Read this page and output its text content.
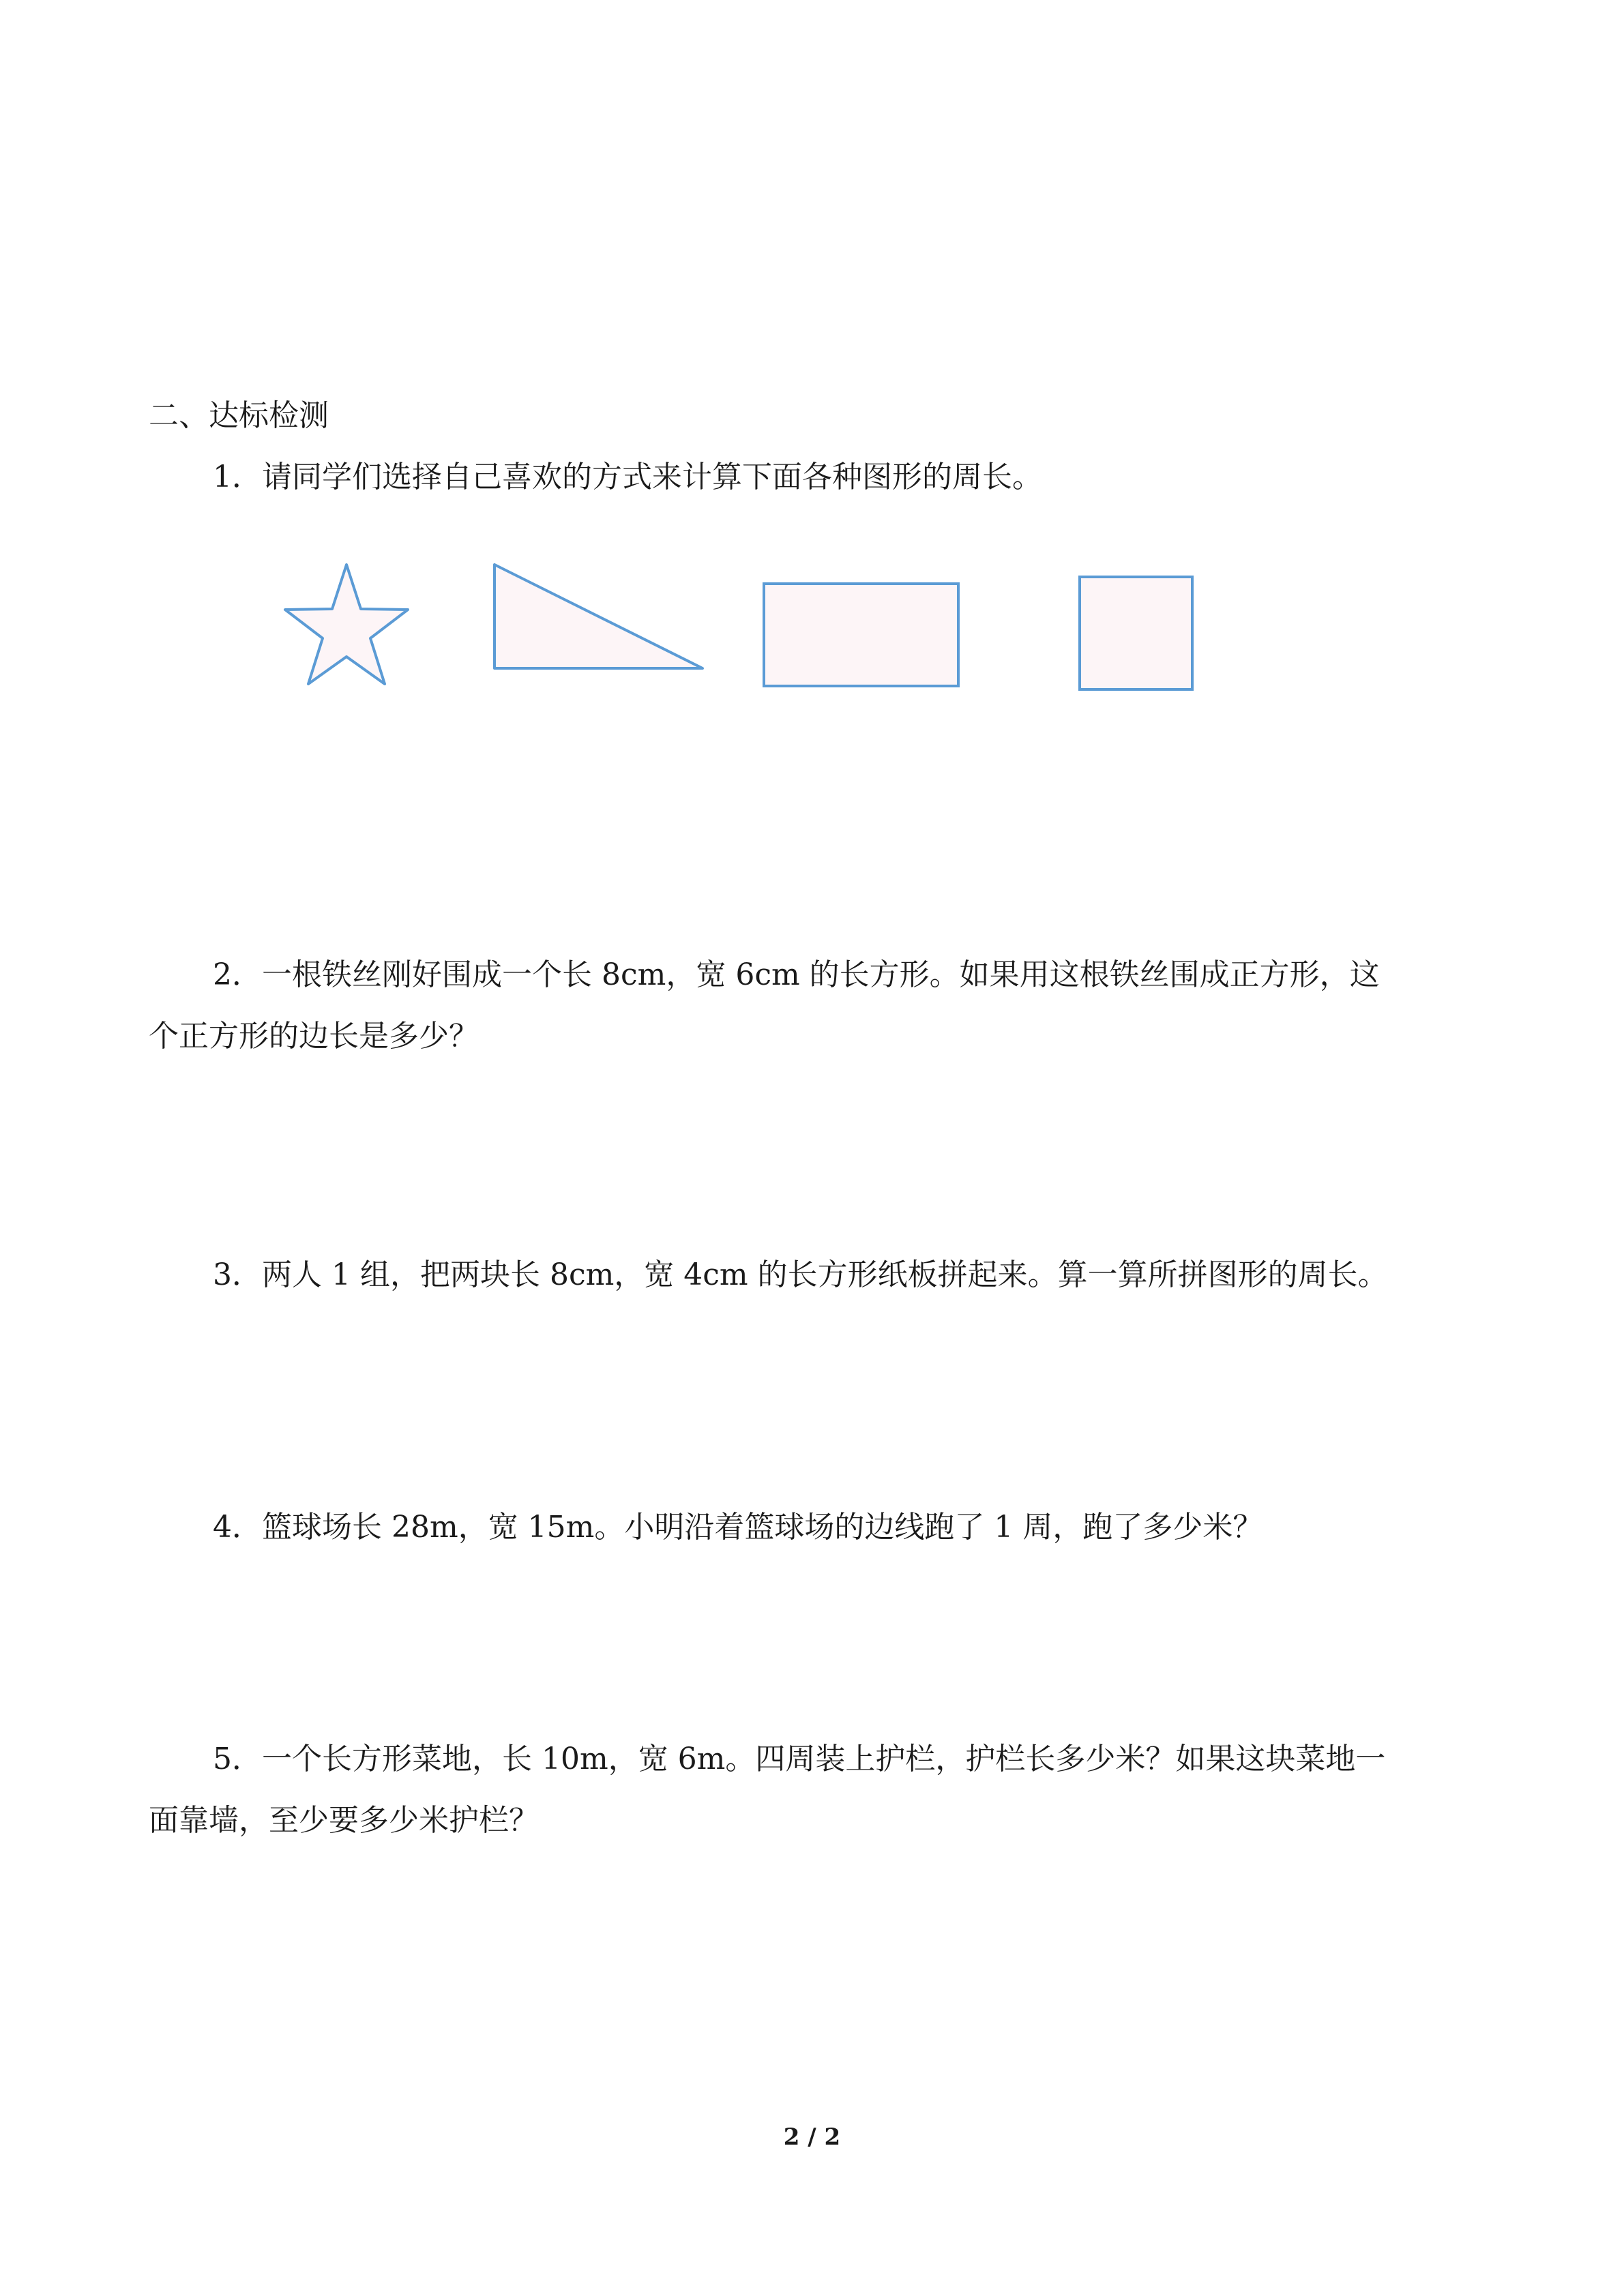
二、达标检测
1．请同学们选择自己喜欢的方式来计算下面各种图形的周长。
2．一根铁丝刚好围成一个长 8cm，宽 6cm 的长方形。如果用这根铁丝围成正方形，这
个正方形的边长是多少？
3．两人 1 组，把两块长 8cm，宽 4cm 的长方形纸板拼起来。算一算所拼图形的周长。
4．篮球场长 28m，宽 15m。小明沿着篮球场的边线跑了 1 周，跑了多少米？
5．一个长方形菜地，长 10m，宽 6m。四周装上护栏，护栏长多少米？如果这块菜地一
面靠墙，至少要多少米护栏？
2 / 2
